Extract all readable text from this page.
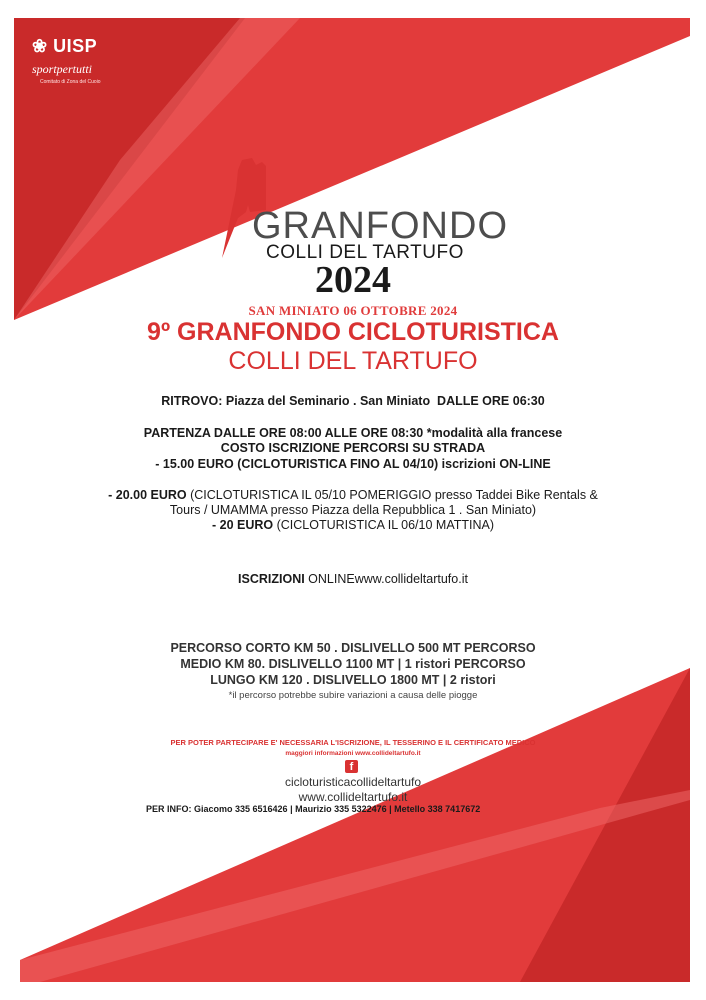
❀ UISP
sportpertutti
Comitato di Zona del Cuoio
GRANFONDO
COLLI DEL TARTUFO
2024
SAN MINIATO 06 OTTOBRE 2024
9º GRANFONDO CICLOTURISTICA
COLLI DEL TARTUFO
RITROVO: Piazza del Seminario . San Miniato DALLE ORE 06:30
PARTENZA DALLE ORE 08:00 ALLE ORE 08:30 *modalità alla francese
COSTO ISCRIZIONE PERCORSI SU STRADA
- 15.00 EURO (CICLOTURISTICA FINO AL 04/10) iscrizioni ON-LINE
- 20.00 EURO (CICLOTURISTICA IL 05/10 POMERIGGIO presso Taddei Bike Rentals &
Tours / UMAMMA presso Piazza della Repubblica 1 . San Miniato)
- 20 EURO (CICLOTURISTICA IL 06/10 MATTINA)
ISCRIZIONI ONLINEwww.collideltartufo.it
PERCORSO CORTO KM 50 . DISLIVELLO 500 MT PERCORSO
MEDIO KM 80. DISLIVELLO 1100 MT | 1 ristori PERCORSO
LUNGO KM 120 . DISLIVELLO 1800 MT | 2 ristori
*il percorso potrebbe subire variazioni a causa delle piogge
PER POTER PARTECIPARE E' NECESSARIA L'ISCRIZIONE, IL TESSERINO E IL CERTIFICATO MEDICO
maggiori informazioni www.collideltartufo.it
f
cicloturisticacollideltartufo
www.collideltartufo.it
PER INFO: Giacomo 335 6516426 | Maurizio 335 5322476 | Metello 338 7417672
